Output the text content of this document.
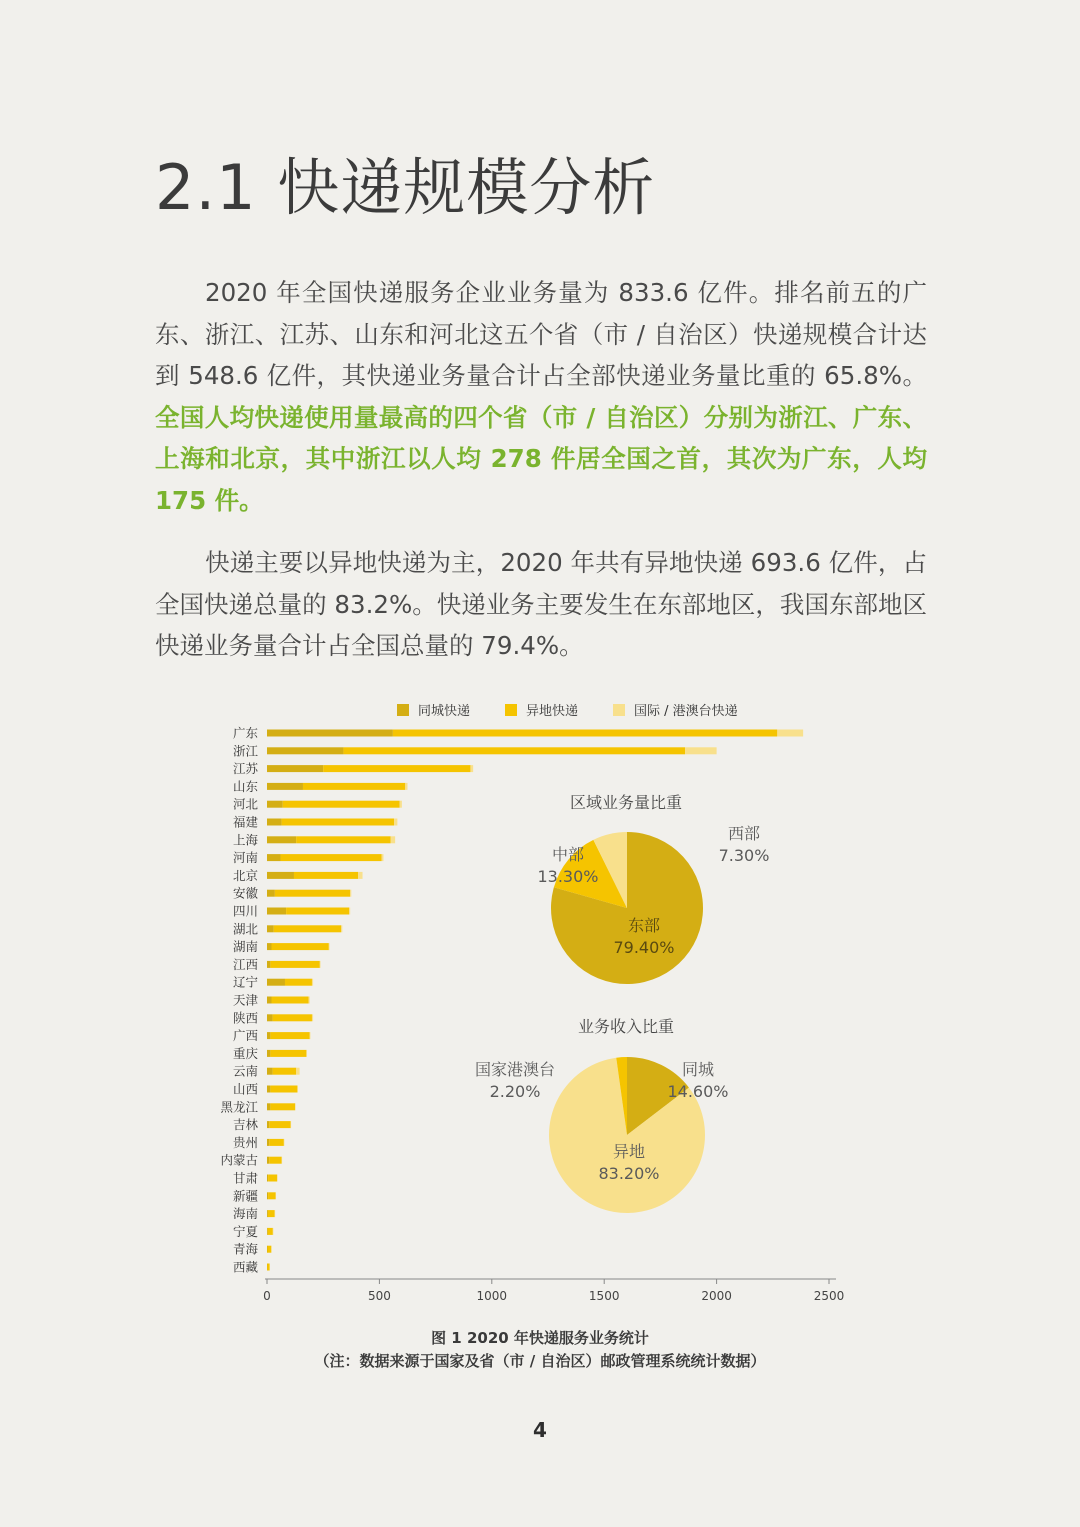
2.1 快递规模分析
2020 年全国快递服务企业业务量为 833.6 亿件。排名前五的广东、浙江、江苏、山东和河北这五个省（市 / 自治区）快递规模合计达到 548.6 亿件，其快递业务量合计占全部快递业务量比重的 65.8%。全国人均快递使用量最高的四个省（市 / 自治区）分别为浙江、广东、上海和北京，其中浙江以人均 278 件居全国之首，其次为广东，人均 175 件。
快递主要以异地快递为主，2020 年共有异地快递 693.6 亿件，占全国快递总量的 83.2%。快递业务主要发生在东部地区，我国东部地区快递业务量合计占全国总量的 79.4%。
同城快递	异地快递	国际 / 港澳台快递
广东
浙江
江苏
山东
河北
福建
上海
河南
北京
安徽
四川
湖北
湖南
江西
辽宁
天津
陕西
广西
重庆
云南
山西
黑龙江
吉林
贵州
内蒙古
甘肃
新疆
海南
宁夏
青海
西藏
0	500	1000	1500	2000	2500
区域业务量比重
东部
79.40%
中部
13.30%
西部
7.30%
业务收入比重
同城
14.60%
异地
83.20%
国家港澳台
2.20%
图 1 2020 年快递服务业务统计
（注：数据来源于国家及省（市 / 自治区）邮政管理系统统计数据）
4
